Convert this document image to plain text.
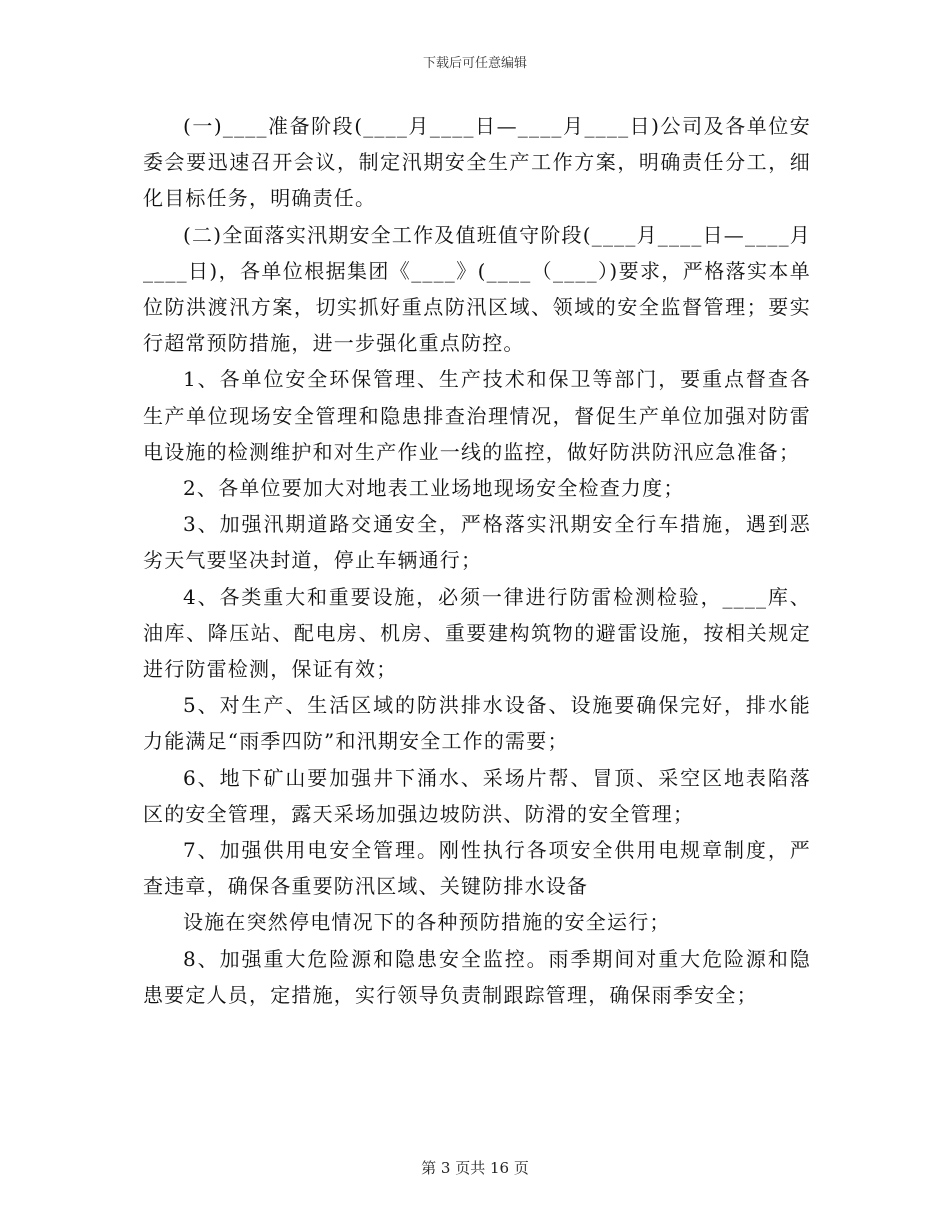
下载后可任意编辑

(一)____准备阶段(____月____日—____月____日)公司及各单位安委会要迅速召开会议，制定汛期安全生产工作方案，明确责任分工，细化目标任务，明确责任。

(二)全面落实汛期安全工作及值班值守阶段(____月____日—____月____日)，各单位根据集团《____》(____（____）)要求，严格落实本单位防洪渡汛方案，切实抓好重点防汛区域、领域的安全监督管理；要实行超常预防措施，进一步强化重点防控。

1、各单位安全环保管理、生产技术和保卫等部门，要重点督查各生产单位现场安全管理和隐患排查治理情况，督促生产单位加强对防雷电设施的检测维护和对生产作业一线的监控，做好防洪防汛应急准备；

2、各单位要加大对地表工业场地现场安全检查力度；

3、加强汛期道路交通安全，严格落实汛期安全行车措施，遇到恶劣天气要坚决封道，停止车辆通行；

4、各类重大和重要设施，必须一律进行防雷检测检验，____库、油库、降压站、配电房、机房、重要建构筑物的避雷设施，按相关规定进行防雷检测，保证有效；

5、对生产、生活区域的防洪排水设备、设施要确保完好，排水能力能满足“雨季四防”和汛期安全工作的需要；

6、地下矿山要加强井下涌水、采场片帮、冒顶、采空区地表陷落区的安全管理，露天采场加强边坡防洪、防滑的安全管理；

7、加强供用电安全管理。刚性执行各项安全供用电规章制度，严查违章，确保各重要防汛区域、关键防排水设备

设施在突然停电情况下的各种预防措施的安全运行；

8、加强重大危险源和隐患安全监控。雨季期间对重大危险源和隐患要定人员，定措施，实行领导负责制跟踪管理，确保雨季安全；

第 3 页共 16 页
